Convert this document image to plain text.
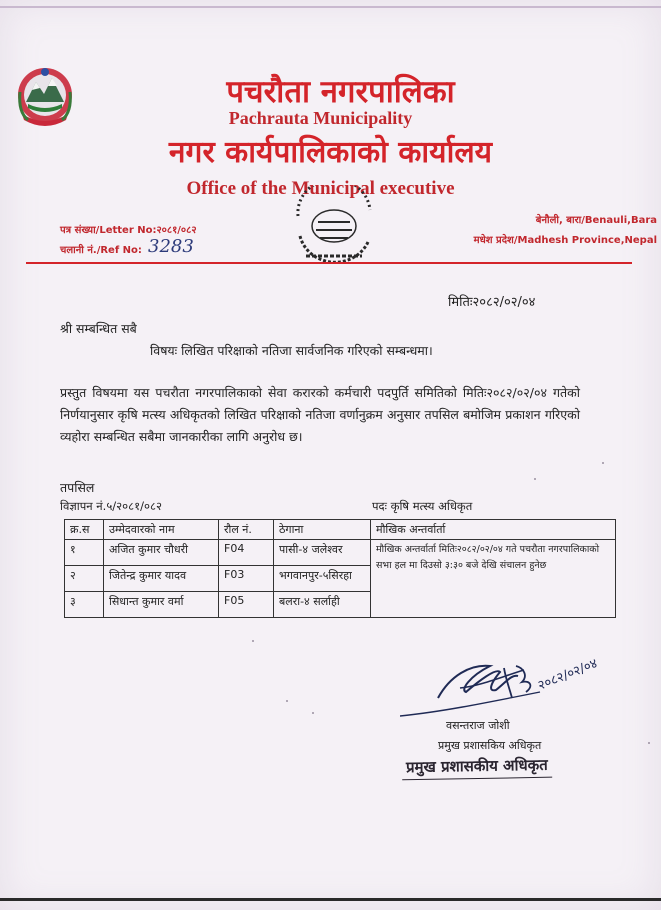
पचरौता नगरपालिका
Pachrauta Municipality
नगर कार्यपालिकाको कार्यालय
Office of the Municipal executive
पत्र संख्या/Letter No:२०८१/०८२
चलानी नं./Ref No: 3283
बेनौली, बारा/Benauli,Bara
मधेश प्रदेश/Madhesh Province,Nepal
मितिः२०८२/०२/०४
श्री सम्बन्धित सबै
विषयः लिखित परिक्षाको नतिजा सार्वजनिक गरिएको सम्बन्धमा।
प्रस्तुत विषयमा यस पचरौता नगरपालिकाको सेवा करारको कर्मचारी पदपुर्ति समितिको मितिः२०८२/०२/०४ गतेको निर्णयानुसार कृषि मत्स्य अधिकृतको लिखित परिक्षाको नतिजा वर्णानुक्रम अनुसार तपसिल बमोजिम प्रकाशन गरिएको व्यहोरा सम्बन्धित सबैमा जानकारीका लागि अनुरोध छ।
तपसिल
विज्ञापन नं.५/२०८१/०८२	पदः कृषि मत्स्य अधिकृत
क्र.स	उम्मेदवारको नाम	रौल नं.	ठेगाना	मौखिक अन्तर्वार्ता
१	अजित कुमार चौधरी	F04	पासी-४ जलेश्वर	मौखिक अन्तर्वार्ता मितिः२०८२/०२/०४ गते पचरौता नगरपालिकाको सभा हल मा दिउसो ३:३० बजे देखि संचालन हुनेछ
२	जितेन्द्र कुमार यादव	F03	भगवानपुर-५सिरहा	
३	सिधान्त कुमार वर्मा	F05	बलरा-४ सर्लाही	
२०८२/०२/०४
वसन्तराज जोशी
प्रमुख प्रशासकिय अधिकृत
प्रमुख प्रशासकीय अधिकृत
